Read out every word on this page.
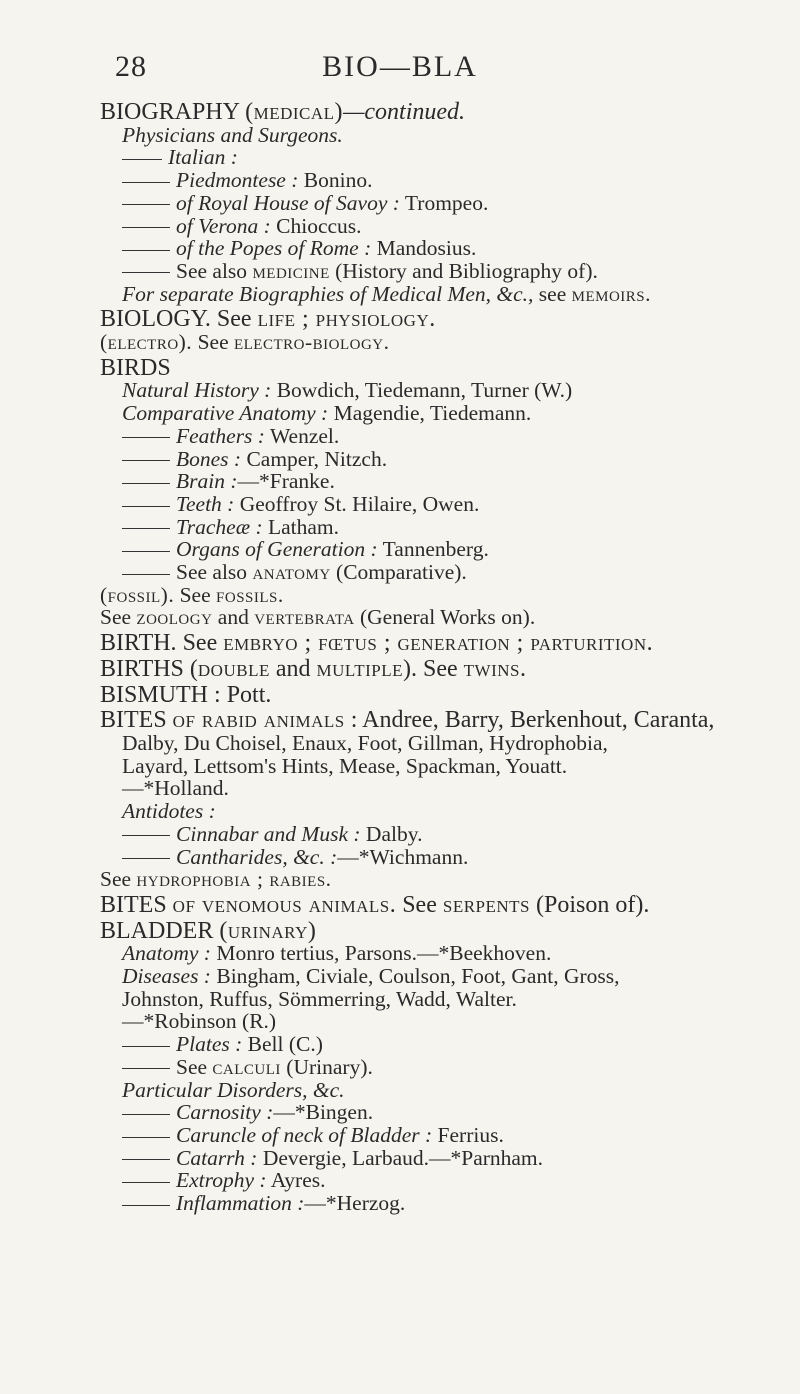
28	BIO—BLA
BIOGRAPHY (medical)—continued.
Physicians and Surgeons.
Italian :
Piedmontese : Bonino.
of Royal House of Savoy : Trompeo.
of Verona : Chioccus.
of the Popes of Rome : Mandosius.
See also medicine (History and Bibliography of).
For separate Biographies of Medical Men, &c., see memoirs.
BIOLOGY. See life ; physiology.
(electro). See electro-biology.
BIRDS
Natural History : Bowdich, Tiedemann, Turner (W.)
Comparative Anatomy : Magendie, Tiedemann.
Feathers : Wenzel.
Bones : Camper, Nitzch.
Brain :—*Franke.
Teeth : Geoffroy St. Hilaire, Owen.
Tracheæ : Latham.
Organs of Generation : Tannenberg.
See also anatomy (Comparative).
(fossil). See fossils.
See zoology and vertebrata (General Works on).
BIRTH. See embryo ; fœtus ; generation ; parturition.
BIRTHS (double and multiple). See twins.
BISMUTH : Pott.
BITES of rabid animals : Andree, Barry, Berkenhout, Caranta,
Dalby, Du Choisel, Enaux, Foot, Gillman, Hydrophobia,
Layard, Lettsom's Hints, Mease, Spackman, Youatt.
—*Holland.
Antidotes :
Cinnabar and Musk : Dalby.
Cantharides, &c. :—*Wichmann.
See hydrophobia ; rabies.
BITES of venomous animals. See serpents (Poison of).
BLADDER (urinary)
Anatomy : Monro tertius, Parsons.—*Beekhoven.
Diseases : Bingham, Civiale, Coulson, Foot, Gant, Gross,
Johnston, Ruffus, Sömmerring, Wadd, Walter.
—*Robinson (R.)
Plates : Bell (C.)
See calculi (Urinary).
Particular Disorders, &c.
Carnosity :—*Bingen.
Caruncle of neck of Bladder : Ferrius.
Catarrh : Devergie, Larbaud.—*Parnham.
Extrophy : Ayres.
Inflammation :—*Herzog.
